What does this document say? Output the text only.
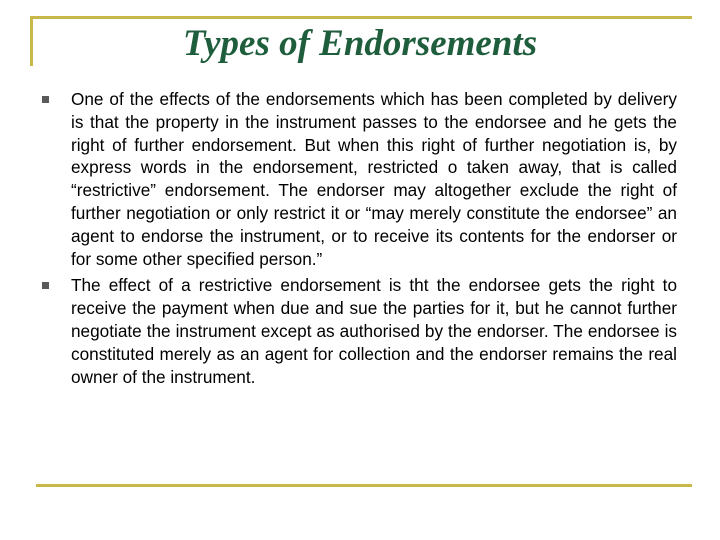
Types of Endorsements
One of the effects of the endorsements which has been completed by delivery is that the property in the instrument passes to the endorsee and he gets the right of further endorsement. But when this right of further negotiation is, by express words in the endorsement, restricted o taken away, that is called “restrictive” endorsement. The endorser may altogether exclude the right of further negotiation or only restrict it or “may merely constitute the endorsee” an agent to endorse the instrument, or to receive its contents for the endorser or for some other specified person.”
The effect of a restrictive endorsement is tht the endorsee gets the right to receive the payment when due and sue the parties for it, but he cannot further negotiate the instrument except as authorised by the endorser. The endorsee is constituted merely as an agent for collection and the endorser remains the real owner of the instrument.
